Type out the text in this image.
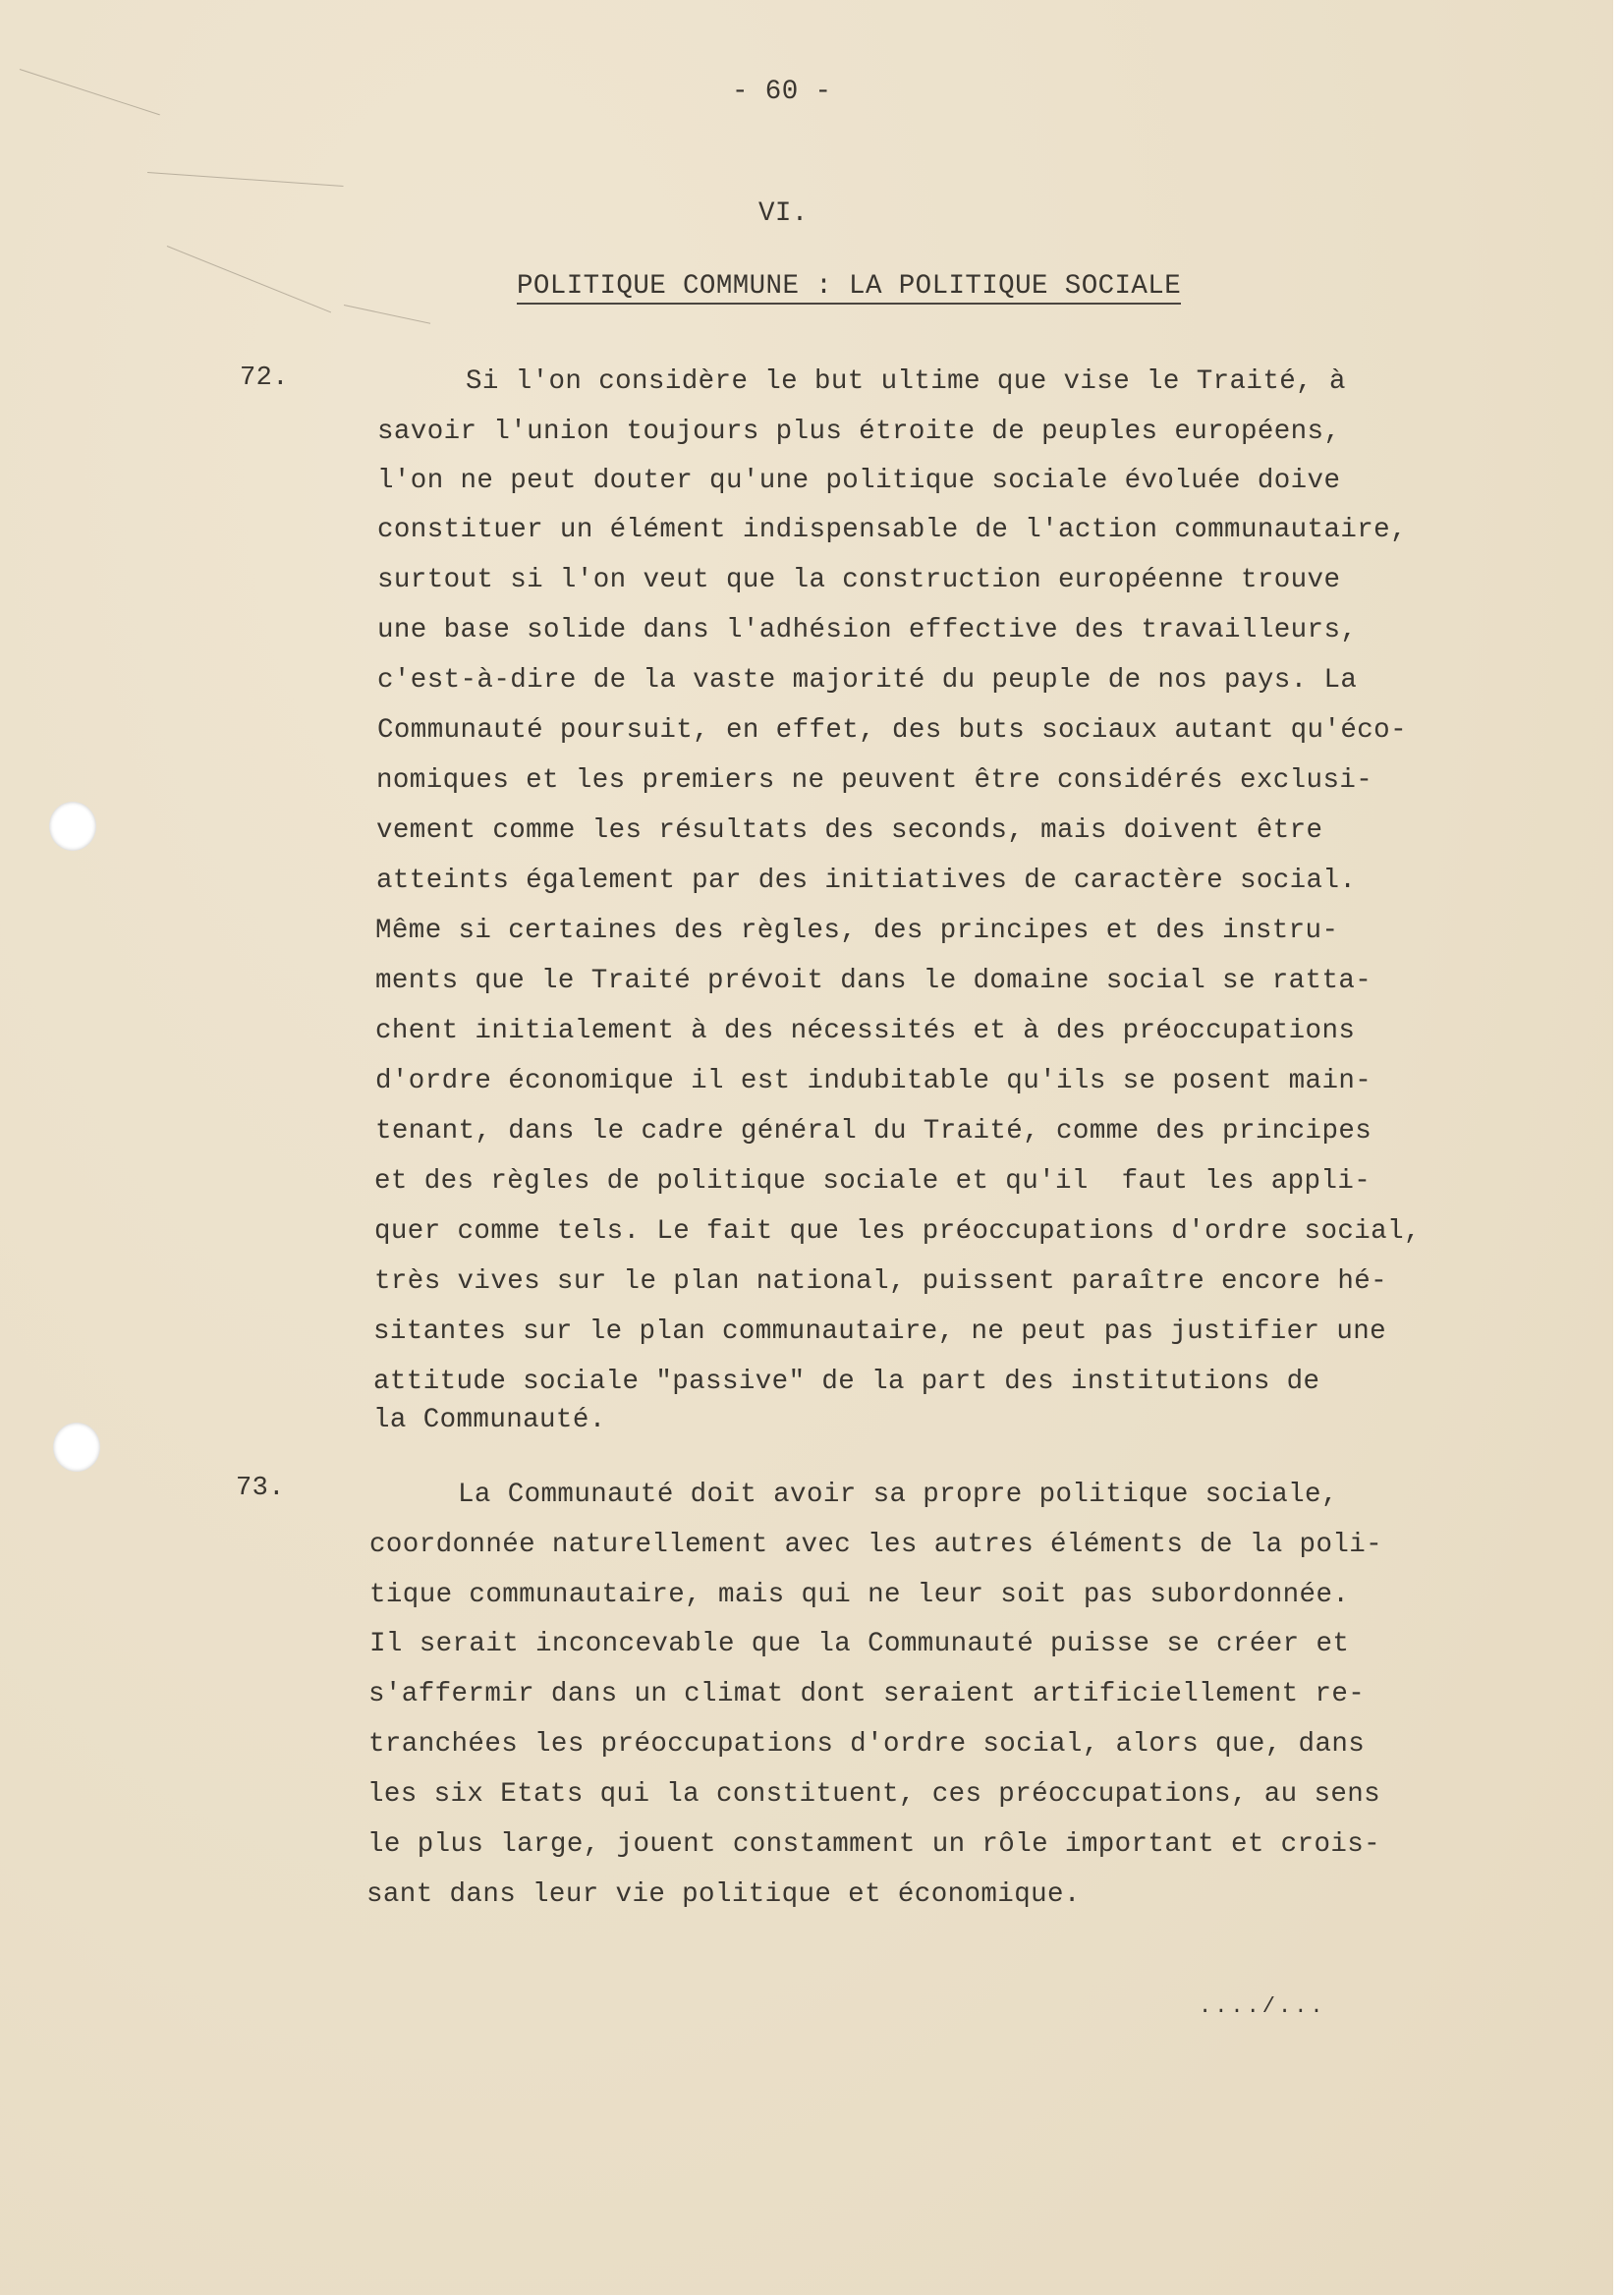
- 60 -
VI.
POLITIQUE COMMUNE : LA POLITIQUE SOCIALE
72.
73.
Si l'on considère le but ultime que vise le Traité, à
savoir l'union toujours plus étroite de peuples européens,
l'on ne peut douter qu'une politique sociale évoluée doive
constituer un élément indispensable de l'action communautaire,
surtout si l'on veut que la construction européenne trouve
une base solide dans l'adhésion effective des travailleurs,
c'est-à-dire de la vaste majorité du peuple de nos pays. La
Communauté poursuit, en effet, des buts sociaux autant qu'éco-
nomiques et les premiers ne peuvent être considérés exclusi-
vement comme les résultats des seconds, mais doivent être
atteints également par des initiatives de caractère social.
Même si certaines des règles, des principes et des instru-
ments que le Traité prévoit dans le domaine social se ratta-
chent initialement à des nécessités et à des préoccupations
d'ordre économique il est indubitable qu'ils se posent main-
tenant, dans le cadre général du Traité, comme des principes
et des règles de politique sociale et qu'il  faut les appli-
quer comme tels. Le fait que les préoccupations d'ordre social,
très vives sur le plan national, puissent paraître encore hé-
sitantes sur le plan communautaire, ne peut pas justifier une
attitude sociale "passive" de la part des institutions de
la Communauté.
La Communauté doit avoir sa propre politique sociale,
coordonnée naturellement avec les autres éléments de la poli-
tique communautaire, mais qui ne leur soit pas subordonnée.
Il serait inconcevable que la Communauté puisse se créer et
s'affermir dans un climat dont seraient artificiellement re-
tranchées les préoccupations d'ordre social, alors que, dans
les six Etats qui la constituent, ces préoccupations, au sens
le plus large, jouent constamment un rôle important et crois-
sant dans leur vie politique et économique.
..../...
